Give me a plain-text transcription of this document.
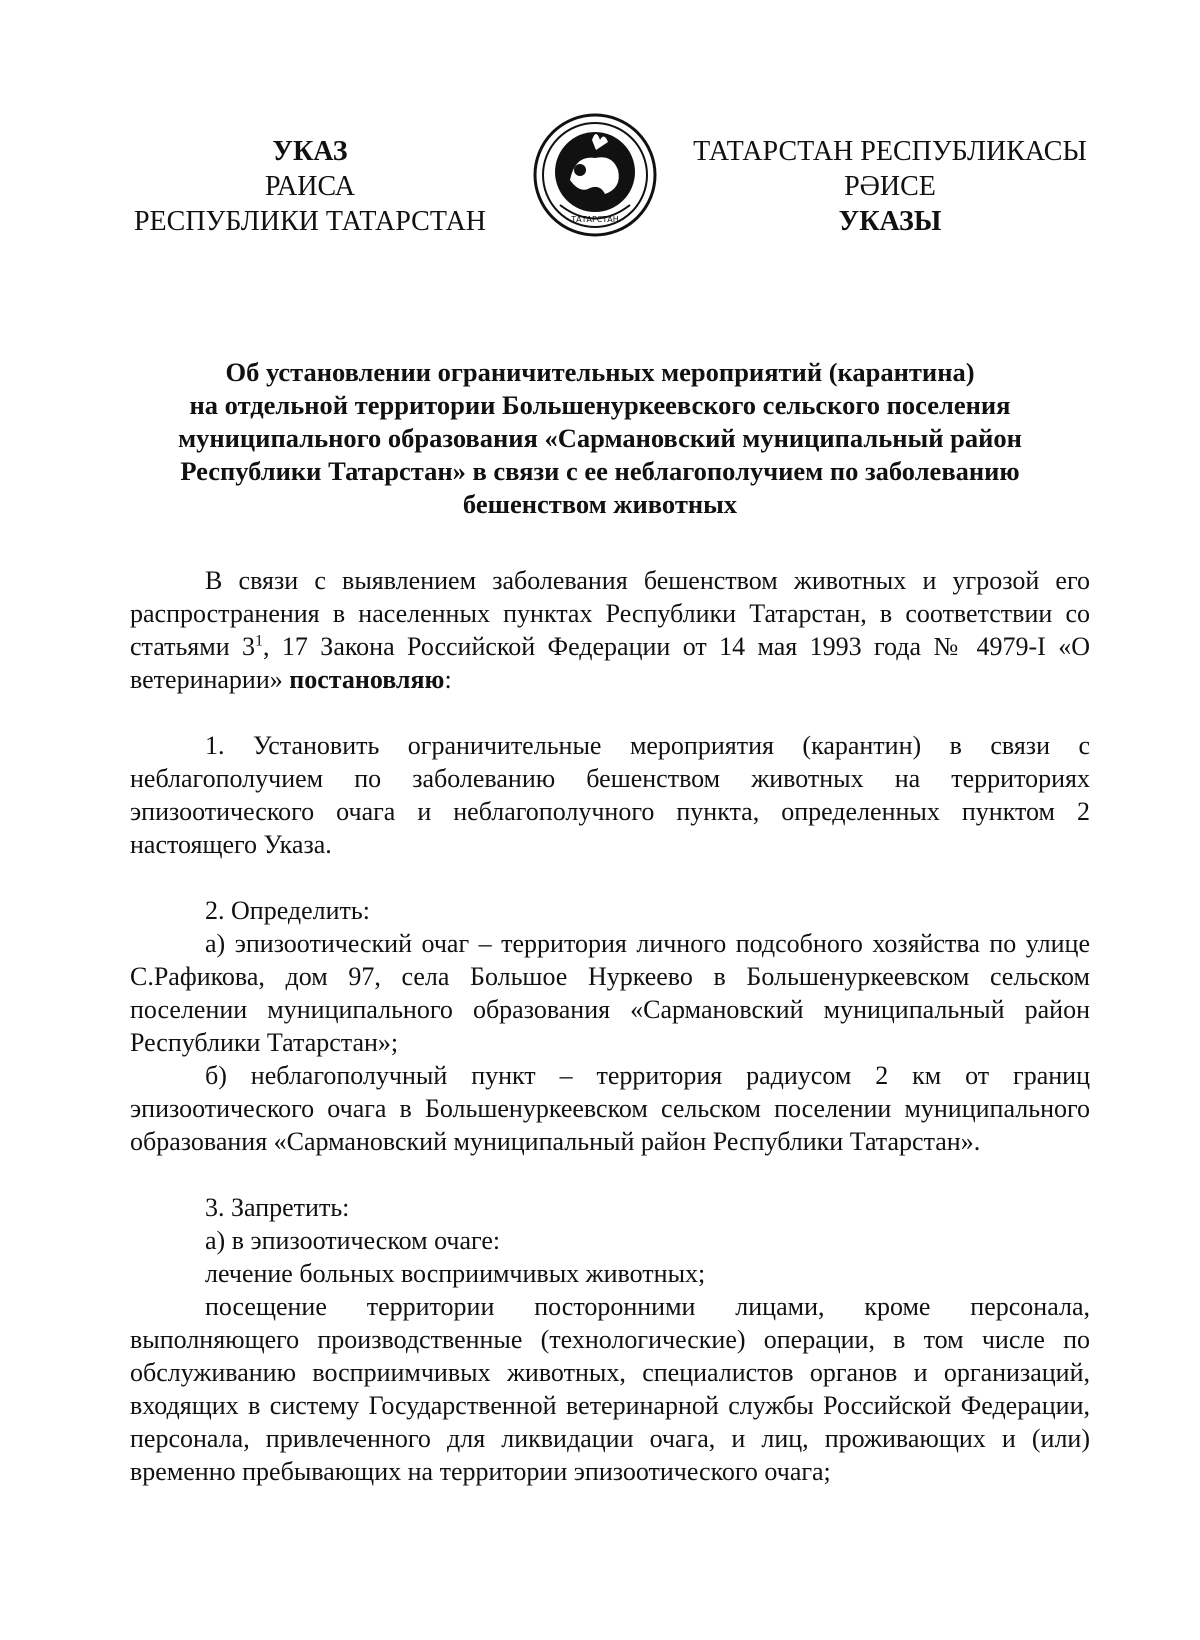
УКАЗ
РАИСА
РЕСПУБЛИКИ ТАТАРСТАН	ТАТАРСТАН
ТАТАРСТАН РЕСПУБЛИКАСЫ
РӘИСЕ
УКАЗЫ
Об установлении ограничительных мероприятий (карантина)
на отдельной территории Большенуркеевского сельского поселения
муниципального образования «Сармановский муниципальный район
Республики Татарстан» в связи с ее неблагополучием по заболеванию
бешенством животных

В связи с выявлением заболевания бешенством животных и угрозой его распространения в населенных пунктах Республики Татарстан, в соответствии со статьями $3^1$, 17 Закона Российской Федерации от 14 мая 1993 года № 4979-I «О ветеринарии» постановляю:

1. Установить ограничительные мероприятия (карантин) в связи с неблагополучием по заболеванию бешенством животных на территориях эпизоотического очага и неблагополучного пункта, определенных пунктом 2 настоящего Указа.

2. Определить:

а) эпизоотический очаг – территория личного подсобного хозяйства по улице С.Рафикова, дом 97, села Большое Нуркеево в Большенуркеевском сельском поселении муниципального образования «Сармановский муниципальный район Республики Татарстан»;

б) неблагополучный пункт – территория радиусом 2 км от границ эпизоотического очага в Большенуркеевском сельском поселении муниципального образования «Сармановский муниципальный район Республики Татарстан».

3. Запретить:

а) в эпизоотическом очаге:

лечение больных восприимчивых животных;

посещение территории посторонними лицами, кроме персонала, выполняющего производственные (технологические) операции, в том числе по обслуживанию восприимчивых животных, специалистов органов и организаций, входящих в систему Государственной ветеринарной службы Российской Федерации, персонала, привлеченного для ликвидации очага, и лиц, проживающих и (или) временно пребывающих на территории эпизоотического очага;
